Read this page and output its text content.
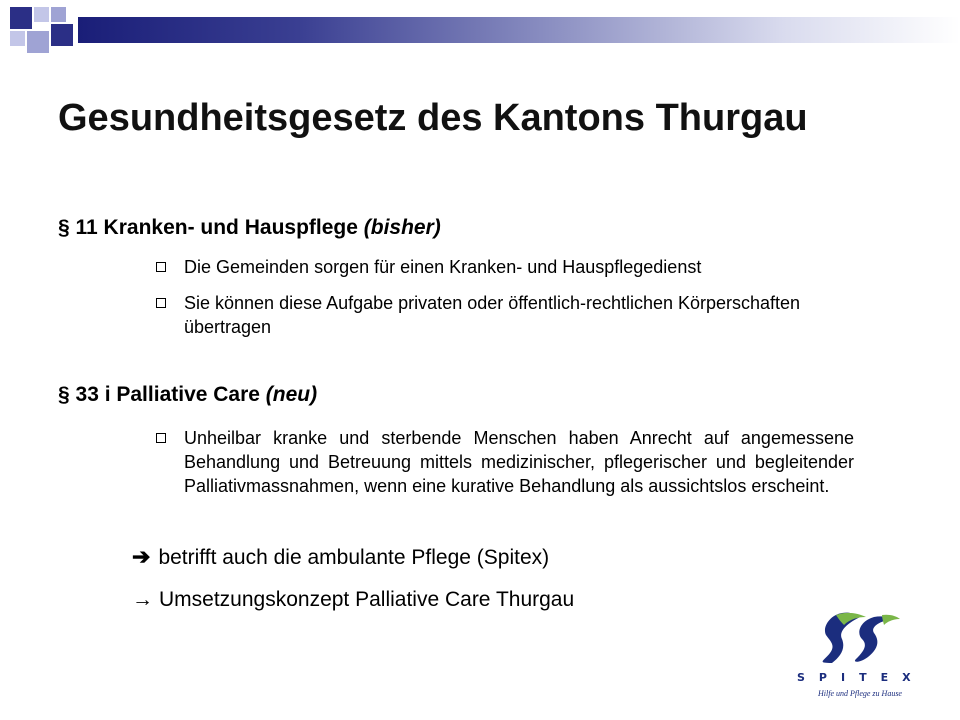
Gesundheitsgesetz des Kantons Thurgau
§ 11 Kranken- und Hauspflege (bisher)
Die Gemeinden sorgen für einen Kranken- und Hauspflegedienst
Sie können diese Aufgabe privaten oder öffentlich-rechtlichen Körperschaften übertragen
§ 33 i Palliative Care (neu)
Unheilbar kranke und sterbende Menschen haben Anrecht auf angemessene Behandlung und Betreuung mittels medizinischer, pflegerischer und begleitender Palliativmassnahmen, wenn eine kurative Behandlung als aussichtslos erscheint.
➔ betrifft auch die ambulante Pflege (Spitex)
→ Umsetzungskonzept Palliative Care Thurgau
SPITEX
Hilfe und Pflege zu Hause
